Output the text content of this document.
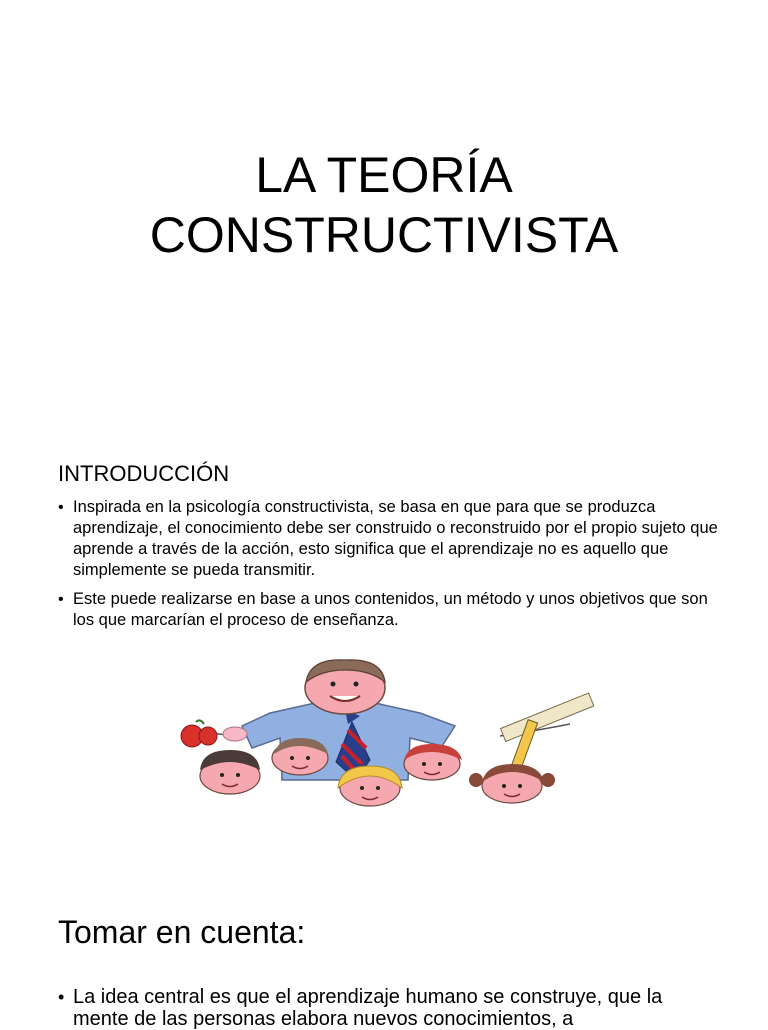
LA TEORÍA
CONSTRUCTIVISTA
INTRODUCCIÓN
• Inspirada en la psicología constructivista, se basa en que para que se produzca aprendizaje, el conocimiento debe ser construido o reconstruido por el propio sujeto que aprende a través de la acción, esto significa que el aprendizaje no es aquello que simplemente se pueda transmitir.
• Este puede realizarse en base a unos contenidos, un método y unos objetivos que son los que marcarían el proceso de enseñanza.
Tomar en cuenta:
• La idea central es que el aprendizaje humano se construye, que la mente de las personas elabora nuevos conocimientos, a
